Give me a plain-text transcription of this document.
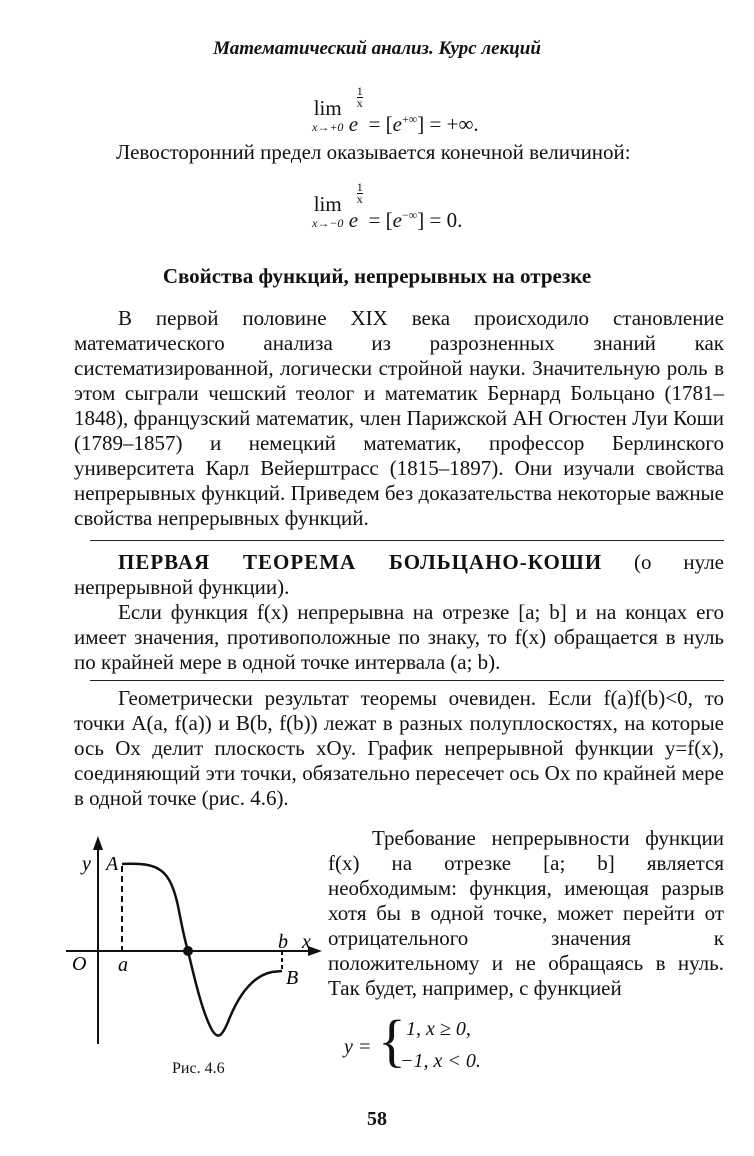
Математический анализ. Курс лекций
lim
x→+0 e
$\frac{1}{x}$
= [e+∞] = +∞.
Левосторонний предел оказывается конечной величиной:
lim
x→−0 e
$\frac{1}{x}$
= [e−∞] = 0.
Свойства функций, непрерывных на отрезке
В первой половине XIX века происходило становление математического анализа из разрозненных знаний как систематизированной, логически стройной науки. Значительную роль в этом сыграли чешский теолог и математик Бернард Больцано (1781–1848), французский математик, член Парижской АН Огюстен Луи Коши (1789–1857) и немецкий математик, профессор Берлинского университета Карл Вейерштрасс (1815–1897). Они изучали свойства непрерывных функций. Приведем без доказательства некоторые важные свойства непрерывных функций.
ПЕРВАЯ ТЕОРЕМА БОЛЬЦАНО-КОШИ (о нуле непрерывной функции).
Если функция f(x) непрерывна на отрезке [a; b] и на концах его имеет значения, противоположные по знаку, то f(x) обращается в нуль по крайней мере в одной точке интервала (a; b).
Геометрически результат теоремы очевиден. Если f(a)f(b)<0, то точки A(a, f(a)) и B(b, f(b)) лежат в разных полуплоскостях, на которые ось Ox делит плоскость xOy. График непрерывной функции y=f(x), соединяющий эти точки, обязательно пересечет ось Ox по крайней мере в одной точке (рис. 4.6).
Требование непрерывности функции f(x) на отрезке [a; b] является необходимым: функция, имеющая разрыв хотя бы в одной точке, может перейти от отрицательного значения к положительному и не обращаясь в нуль. Так будет, например, с функцией
y = { 1, x ≥ 0,
−1, x < 0.
y A
O a
b x
B
Рис. 4.6
58
